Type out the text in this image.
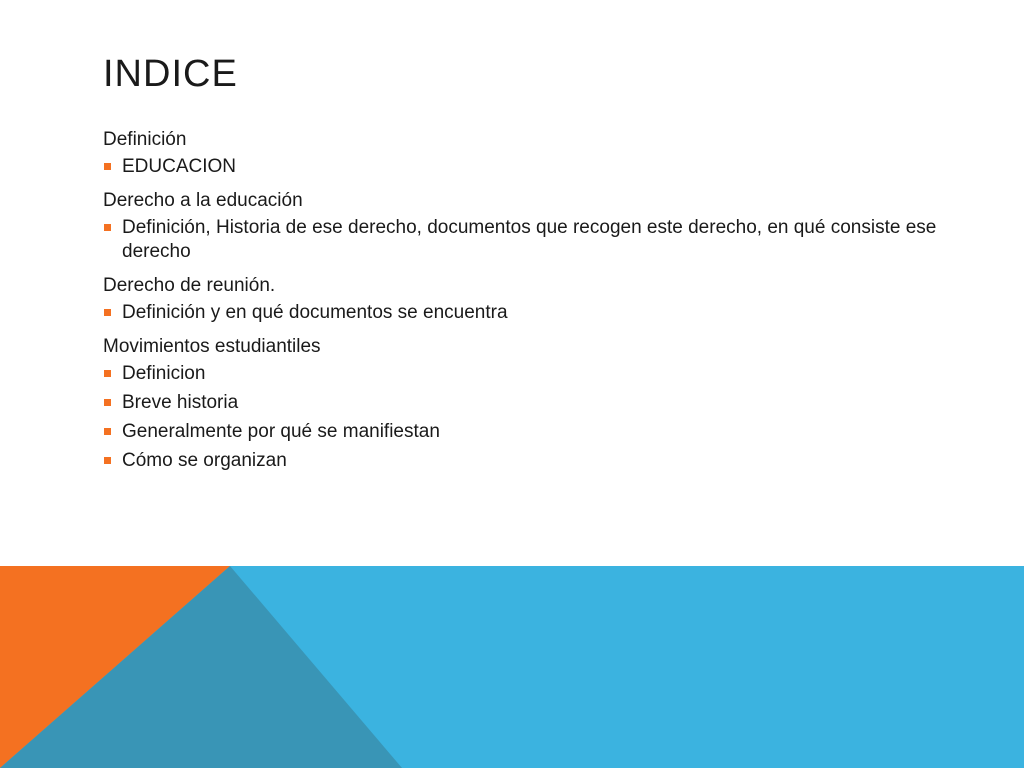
INDICE
Definición
EDUCACION
Derecho a la educación
Definición, Historia de ese derecho, documentos que recogen este derecho, en qué consiste ese derecho
Derecho de reunión.
Definición y en qué documentos se encuentra
Movimientos estudiantiles
Definicion
Breve historia
Generalmente por qué se manifiestan
Cómo se organizan
